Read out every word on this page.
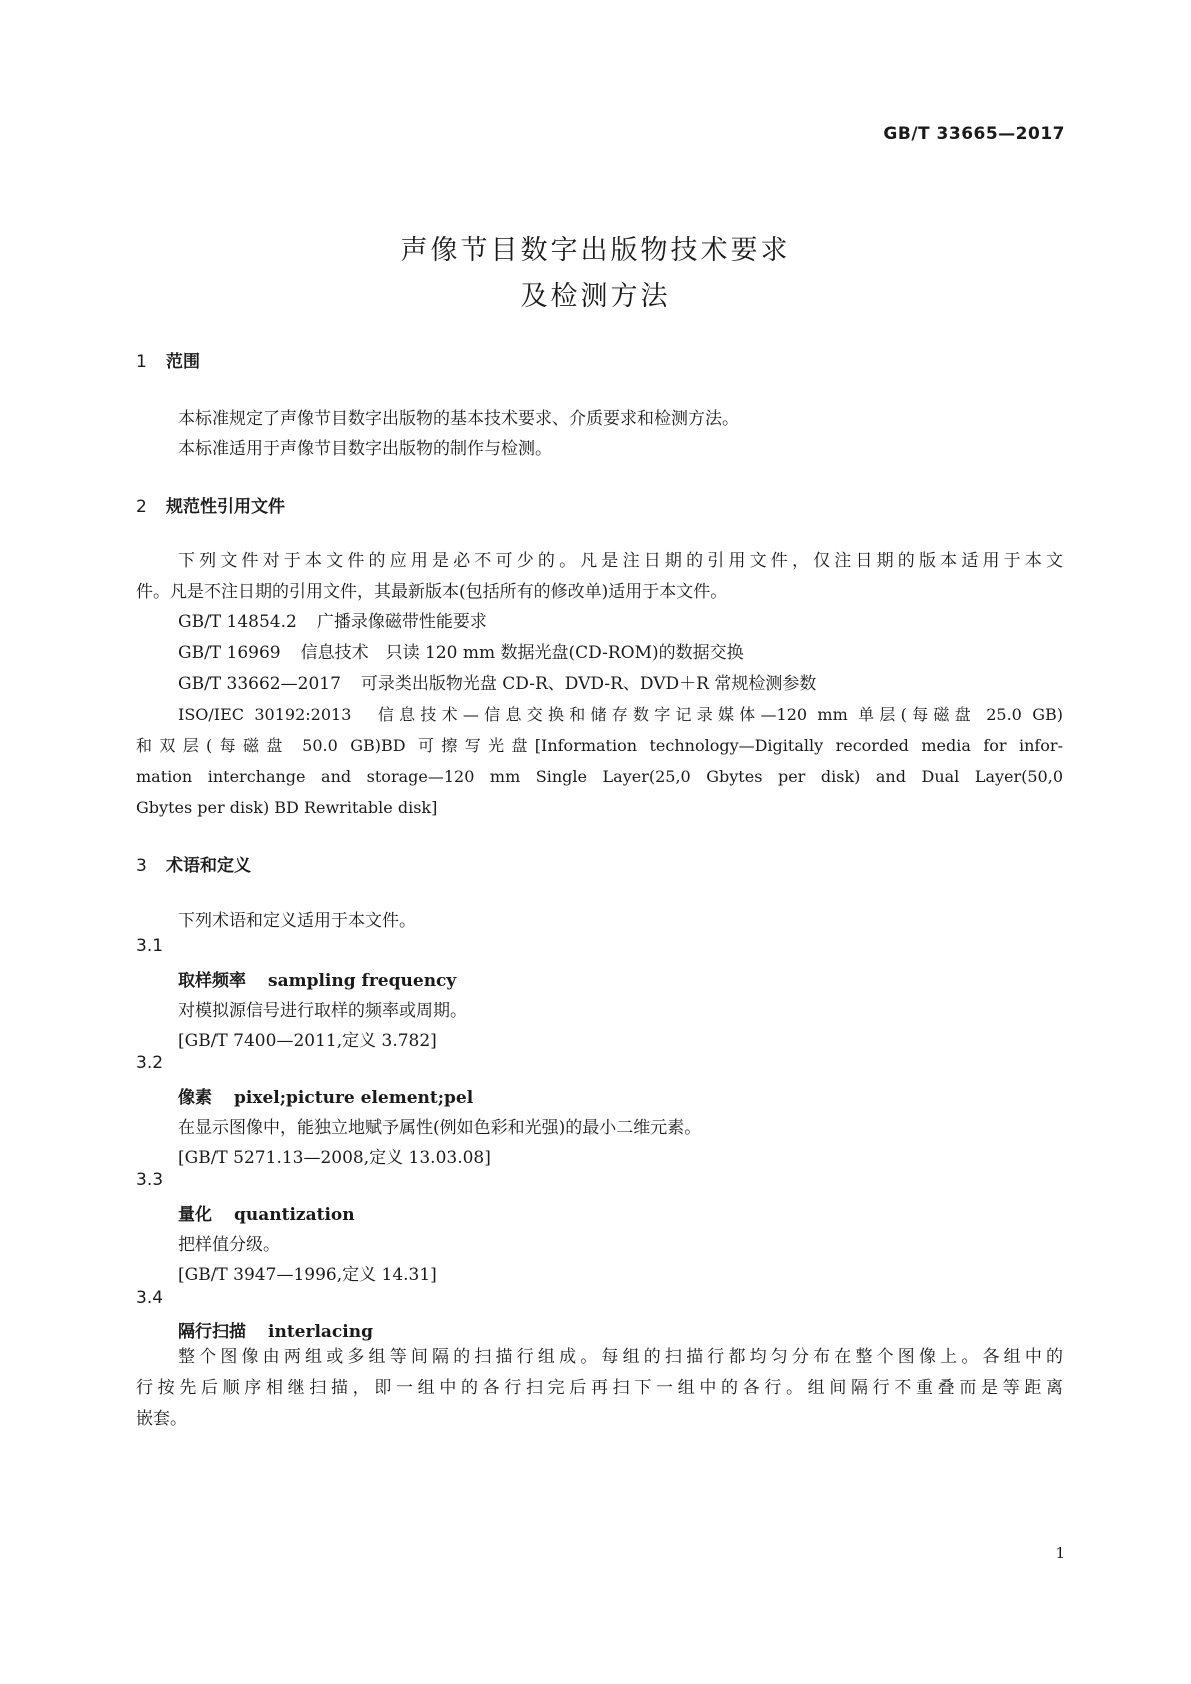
GB/T 33665—2017
声像节目数字出版物技术要求
及检测方法
1 范围
本标准规定了声像节目数字出版物的基本技术要求、介质要求和检测方法。
本标准适用于声像节目数字出版物的制作与检测。
2 规范性引用文件
下列文件对于本文件的应用是必不可少的。凡是注日期的引用文件，仅注日期的版本适用于本文
件。凡是不注日期的引用文件，其最新版本(包括所有的修改单)适用于本文件。
GB/T 14854.2 广播录像磁带性能要求
GB/T 16969 信息技术　只读 120 mm 数据光盘(CD-ROM)的数据交换
GB/T 33662—2017 可录类出版物光盘 CD-R、DVD-R、DVD＋R 常规检测参数
ISO/IEC 30192:2013　信息技术—信息交换和储存数字记录媒体—120 mm 单层(每磁盘 25.0 GB)
和双层(每磁盘 50.0 GB)BD 可擦写光盘[Information technology—Digitally recorded media for infor-
mation interchange and storage—120 mm Single Layer(25,0 Gbytes per disk) and Dual Layer(50,0
Gbytes per disk) BD Rewritable disk]
3 术语和定义
下列术语和定义适用于本文件。
3.1
取样频率 sampling frequency
对模拟源信号进行取样的频率或周期。
[GB/T 7400—2011,定义 3.782]
3.2
像素 pixel;picture element;pel
在显示图像中，能独立地赋予属性(例如色彩和光强)的最小二维元素。
[GB/T 5271.13—2008,定义 13.03.08]
3.3
量化 quantization
把样值分级。
[GB/T 3947—1996,定义 14.31]
3.4
隔行扫描 interlacing
整个图像由两组或多组等间隔的扫描行组成。每组的扫描行都均匀分布在整个图像上。各组中的
行按先后顺序相继扫描，即一组中的各行扫完后再扫下一组中的各行。组间隔行不重叠而是等距离
嵌套。
1
